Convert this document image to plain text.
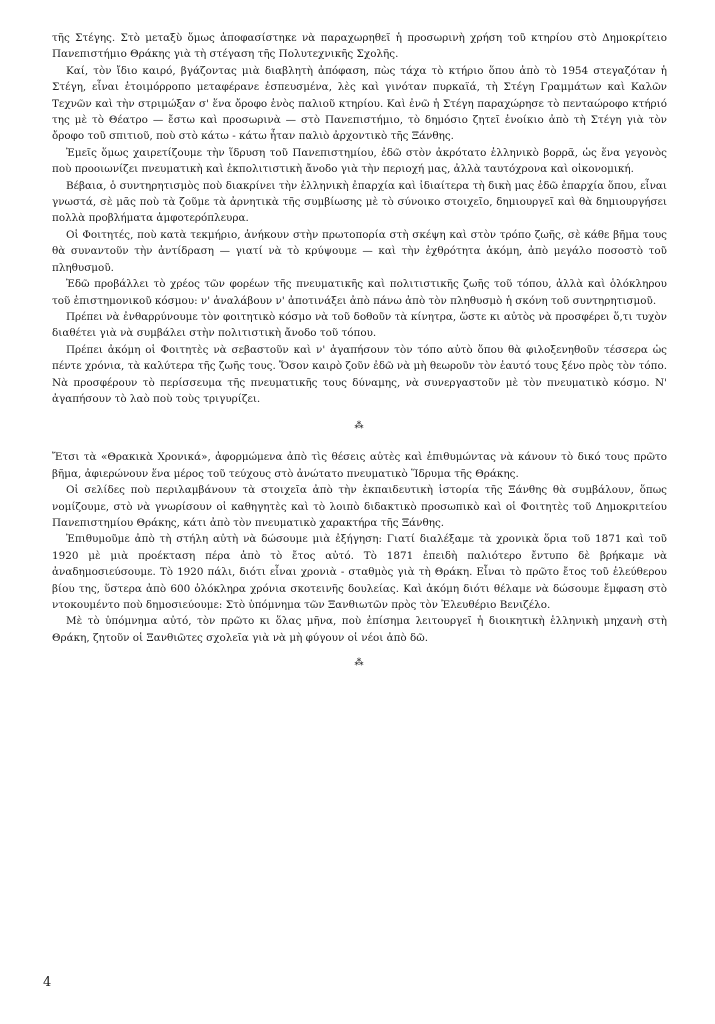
τῆς Στέγης. Στὸ μεταξὺ ὅμως ἀποφασίστηκε νὰ παραχωρηθεῖ ἡ προσωρινὴ χρήση τοῦ κτηρίου στὸ Δημοκρίτειο Πανεπιστήμιο Θράκης γιὰ τὴ στέγαση τῆς Πολυτεχνικῆς Σχολῆς.

Καί, τὸν ἴδιο καιρό, βγάζοντας μιὰ διαβλητὴ ἀπόφαση, πὼς τάχα τὸ κτήριο ὅπου ἀπὸ τὸ 1954 στεγαζόταν ἡ Στέγη, εἶναι ἑτοιμόρροπο μεταφέρανε ἐσπευσμένα, λὲς καὶ γινόταν πυρκαϊά, τὴ Στέγη Γραμμάτων καὶ Καλῶν Τεχνῶν καὶ τὴν στριμώξαν σ' ἕνα ὄροφο ἑνὸς παλιοῦ κτηρίου. Καὶ ἐνῶ ἡ Στέγη παραχώρησε τὸ πενταώροφο κτήριό της μὲ τὸ Θέατρο — ἔστω καὶ προσωρινὰ — στὸ Πανεπιστήμιο, τὸ δημόσιο ζητεῖ ἐνοίκιο ἀπὸ τὴ Στέγη γιὰ τὸν ὄροφο τοῦ σπιτιοῦ, ποὺ στὸ κάτω - κάτω ἦταν παλιὸ ἀρχοντικὸ τῆς Ξάνθης.

Ἐμεῖς ὅμως χαιρετίζουμε τὴν ἵδρυση τοῦ Πανεπιστημίου, ἐδῶ στὸν ἀκρότατο ἑλληνικὸ βορρᾶ, ὡς ἕνα γεγονὸς ποὺ προοιωνίζει πνευματικὴ καὶ ἐκπολιτιστικὴ ἄνοδο γιὰ τὴν περιοχή μας, ἀλλὰ ταυτόχρονα καὶ οἰκονομική.

Βέβαια, ὁ συντηρητισμὸς ποὺ διακρίνει τὴν ἑλληνικὴ ἐπαρχία καὶ ἰδιαίτερα τὴ δικὴ μας ἐδῶ ἐπαρχία ὅπου, εἶναι γνωστά, σὲ μᾶς ποὺ τὰ ζοῦμε τὰ ἀρνητικὰ τῆς συμβίωσης μὲ τὸ σύνοικο στοιχεῖο, δημιουργεῖ καὶ θὰ δημιουργήσει πολλὰ προβλήματα ἀμφοτερόπλευρα.

Οἱ Φοιτητές, ποὺ κατὰ τεκμήριο, ἀνήκουν στὴν πρωτοπορία στὴ σκέψη καὶ στὸν τρόπο ζωῆς, σὲ κάθε βῆμα τους θὰ συναντοῦν τὴν ἀντίδραση — γιατί νὰ τὸ κρύψουμε — καὶ τὴν ἐχθρότητα ἀκόμη, ἀπὸ μεγάλο ποσοστὸ τοῦ πληθυσμοῦ.

Ἐδῶ προβάλλει τὸ χρέος τῶν φορέων τῆς πνευματικῆς καὶ πολιτιστικῆς ζωῆς τοῦ τόπου, ἀλλὰ καὶ ὁλόκληρου τοῦ ἐπιστημονικοῦ κόσμου: ν' ἀναλάβουν ν' ἀποτινάξει ἀπὸ πάνω ἀπὸ τὸν πληθυσμὸ ἡ σκόνη τοῦ συντηρητισμοῦ.

Πρέπει νὰ ἐνθαρρύνουμε τὸν φοιτητικὸ κόσμο νὰ τοῦ δοθοῦν τὰ κίνητρα, ὥστε κι αὐτὸς νὰ προσφέρει ὅ,τι τυχὸν διαθέτει γιὰ νὰ συμβάλει στὴν πολιτιστικὴ ἄνοδο τοῦ τόπου.

Πρέπει ἀκόμη οἱ Φοιτητὲς νὰ σεβαστοῦν καὶ ν' ἀγαπήσουν τὸν τόπο αὐτὸ ὅπου θὰ φιλοξενηθοῦν τέσσερα ὡς πέντε χρόνια, τὰ καλύτερα τῆς ζωῆς τους. Ὅσον καιρὸ ζοῦν ἐδῶ νὰ μὴ θεωροῦν τὸν ἑαυτό τους ξένο πρὸς τὸν τόπο. Νὰ προσφέρουν τὸ περίσσευμα τῆς πνευματικῆς τους δύναμης, νὰ συνεργαστοῦν μὲ τὸν πνευματικὸ κόσμο. Ν' ἀγαπήσουν τὸ λαὸ ποὺ τοὺς τριγυρίζει.

⁂

Ἔτσι τὰ «Θρακικὰ Χρονικά», ἀφορμώμενα ἀπὸ τὶς θέσεις αὐτὲς καὶ ἐπιθυμώντας νὰ κάνουν τὸ δικό τους πρῶτο βῆμα, ἀφιερώνουν ἕνα μέρος τοῦ τεύχους στὸ ἀνώτατο πνευματικὸ Ἵδρυμα τῆς Θράκης.

Οἱ σελίδες ποὺ περιλαμβάνουν τὰ στοιχεῖα ἀπὸ τὴν ἐκπαιδευτικὴ ἱστορία τῆς Ξάνθης θὰ συμβάλουν, ὅπως νομίζουμε, στὸ νὰ γνωρίσουν οἱ καθηγητὲς καὶ τὸ λοιπὸ διδακτικὸ προσωπικὸ καὶ οἱ Φοιτητὲς τοῦ Δημοκριτείου Πανεπιστημίου Θράκης, κάτι ἀπὸ τὸν πνευματικὸ χαρακτήρα τῆς Ξάνθης.

Ἐπιθυμοῦμε ἀπὸ τὴ στήλη αὐτὴ νὰ δώσουμε μιὰ ἐξήγηση: Γιατί διαλέξαμε τὰ χρονικὰ ὅρια τοῦ 1871 καὶ τοῦ 1920 μὲ μιὰ προέκταση πέρα ἀπὸ τὸ ἔτος αὐτό. Τὸ 1871 ἐπειδὴ παλιότερο ἔντυπο δὲ βρήκαμε νὰ ἀναδημοσιεύσουμε. Τὸ 1920 πάλι, διότι εἶναι χρονιὰ - σταθμὸς γιὰ τὴ Θράκη. Εἶναι τὸ πρῶτο ἔτος τοῦ ἐλεύθερου βίου της, ὕστερα ἀπὸ 600 ὁλόκληρα χρόνια σκοτεινῆς δουλείας. Καὶ ἀκόμη διότι θέλαμε νὰ δώσουμε ἔμφαση στὸ ντοκουμέντο ποὺ δημοσιεύουμε: Στὸ ὑπόμνημα τῶν Ξανθιωτῶν πρὸς τὸν Ἐλευθέριο Βενιζέλο.

Μὲ τὸ ὑπόμνημα αὐτό, τὸν πρῶτο κι ὅλας μῆνα, ποὺ ἐπίσημα λειτουργεῖ ἡ διοικητικὴ ἑλληνικὴ μηχανὴ στὴ Θράκη, ζητοῦν οἱ Ξανθιῶτες σχολεῖα γιὰ νὰ μὴ φύγουν οἱ νέοι ἀπὸ δῶ.

⁂
4
